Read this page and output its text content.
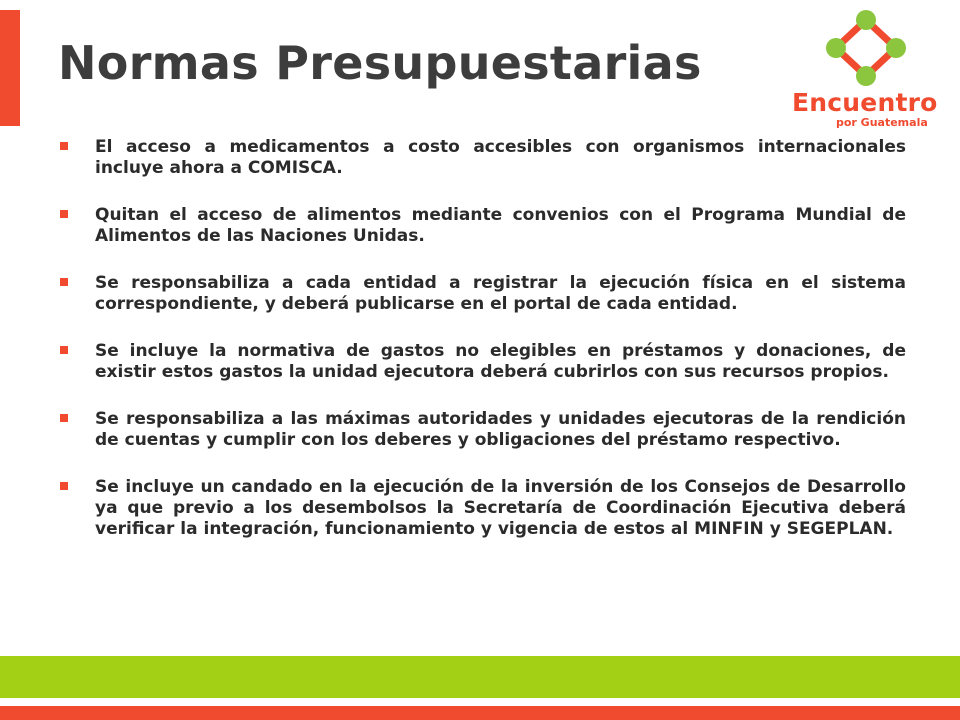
Normas Presupuestarias

Encuentro

por Guatemala

El acceso a medicamentos a costo accesibles con organismos internacionales incluye ahora a COMISCA.
Quitan el acceso de alimentos mediante convenios con el Programa Mundial de Alimentos de las Naciones Unidas.
Se responsabiliza a cada entidad a registrar la ejecución física en el sistema correspondiente, y deberá publicarse en el portal de cada entidad.
Se incluye la normativa de gastos no elegibles en préstamos y donaciones, de existir estos gastos la unidad ejecutora deberá cubrirlos con sus recursos propios.
Se responsabiliza a las máximas autoridades y unidades ejecutoras de la rendición de cuentas y cumplir con los deberes y obligaciones del préstamo respectivo.
Se incluye un candado en la ejecución de la inversión de los Consejos de Desarrollo ya que previo a los desembolsos la Secretaría de Coordinación Ejecutiva deberá verificar la integración, funcionamiento y vigencia de estos al MINFIN y SEGEPLAN.
